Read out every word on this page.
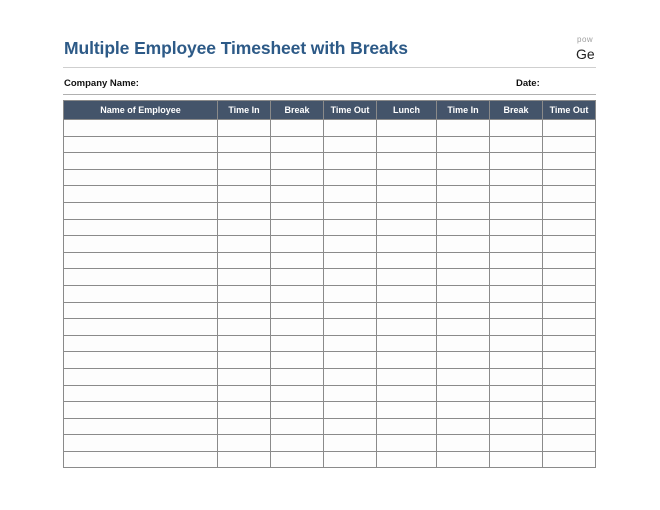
Multiple Employee Timesheet with Breaks	pow
Ge
Company Name:	Date:
Name of Employee	Time In	Break	Time Out	Lunch	Time In	Break	Time Out
